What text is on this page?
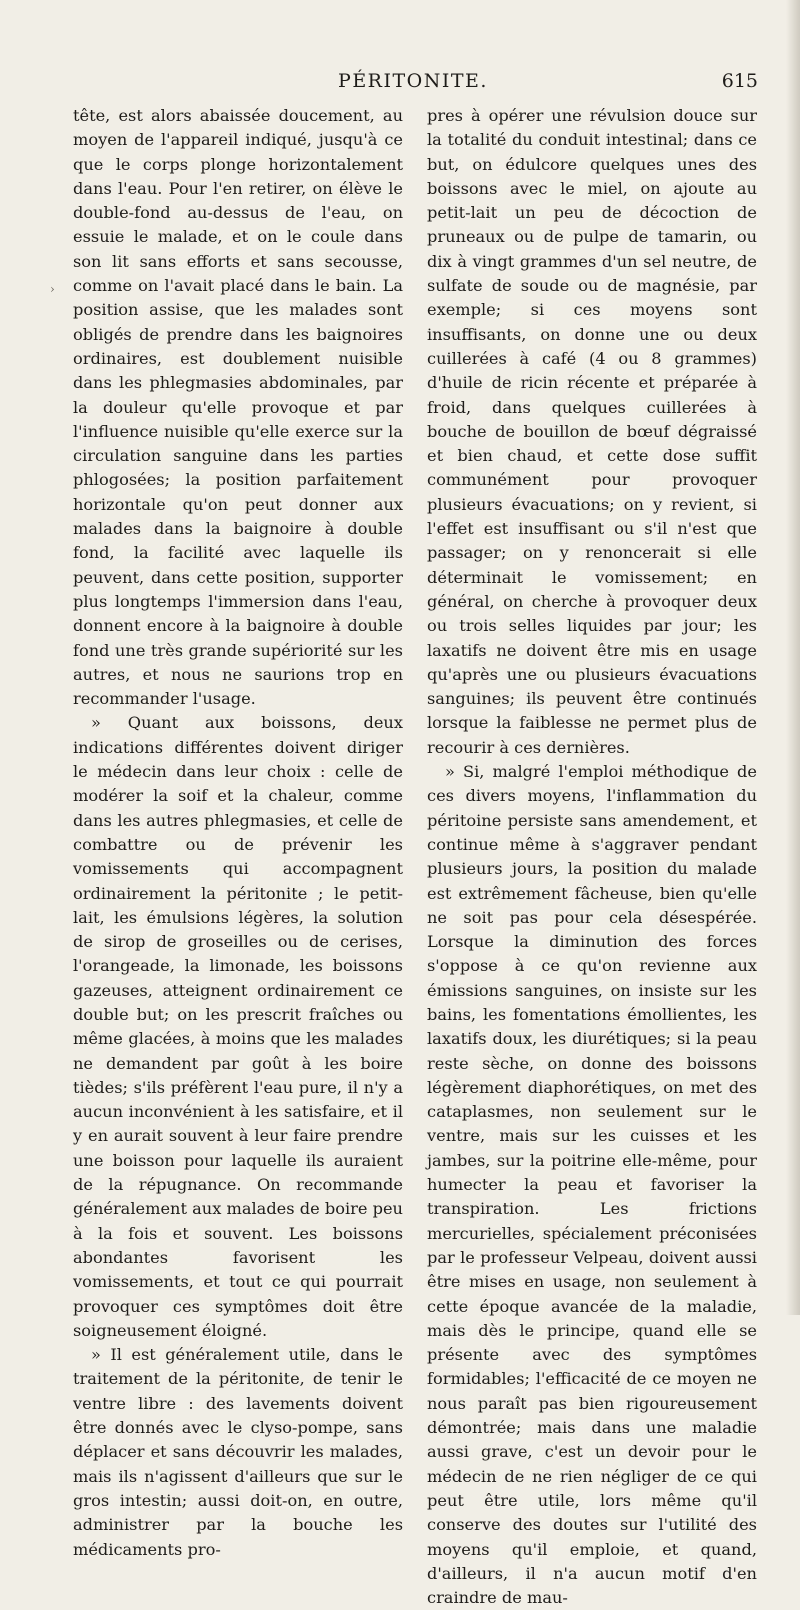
PÉRITONITE.	615
›

tête, est alors abaissée doucement, au moyen de l'appareil indiqué, jusqu'à ce que le corps plonge horizontalement dans l'eau. Pour l'en retirer, on élève le double-fond au-dessus de l'eau, on essuie le malade, et on le coule dans son lit sans efforts et sans secousse, comme on l'avait placé dans le bain. La position assise, que les malades sont obligés de prendre dans les baignoires ordinaires, est doublement nuisible dans les phlegmasies abdominales, par la douleur qu'elle provoque et par l'influence nuisible qu'elle exerce sur la circulation sanguine dans les parties phlogosées; la position parfaitement horizontale qu'on peut donner aux malades dans la baignoire à double fond, la facilité avec laquelle ils peuvent, dans cette position, supporter plus longtemps l'immersion dans l'eau, donnent encore à la baignoire à double fond une très grande supériorité sur les autres, et nous ne saurions trop en recommander l'usage.

» Quant aux boissons, deux indications différentes doivent diriger le médecin dans leur choix : celle de modérer la soif et la chaleur, comme dans les autres phlegmasies, et celle de combattre ou de prévenir les vomissements qui accompagnent ordinairement la péritonite ; le petit-lait, les émulsions légères, la solution de sirop de groseilles ou de cerises, l'orangeade, la limonade, les boissons gazeuses, atteignent ordinairement ce double but; on les prescrit fraîches ou même glacées, à moins que les malades ne demandent par goût à les boire tièdes; s'ils préfèrent l'eau pure, il n'y a aucun inconvénient à les satisfaire, et il y en aurait souvent à leur faire prendre une boisson pour laquelle ils auraient de la répugnance. On recommande généralement aux malades de boire peu à la fois et souvent. Les boissons abondantes favorisent les vomissements, et tout ce qui pourrait provoquer ces symptômes doit être soigneusement éloigné.

» Il est généralement utile, dans le traitement de la péritonite, de tenir le ventre libre : des lavements doivent être donnés avec le clyso-pompe, sans déplacer et sans découvrir les malades, mais ils n'agissent d'ailleurs que sur le gros intestin; aussi doit-on, en outre, administrer par la bouche les médicaments pro-

pres à opérer une révulsion douce sur la totalité du conduit intestinal; dans ce but, on édulcore quelques unes des boissons avec le miel, on ajoute au petit-lait un peu de décoction de pruneaux ou de pulpe de tamarin, ou dix à vingt grammes d'un sel neutre, de sulfate de soude ou de magnésie, par exemple; si ces moyens sont insuffisants, on donne une ou deux cuillerées à café (4 ou 8 grammes) d'huile de ricin récente et préparée à froid, dans quelques cuillerées à bouche de bouillon de bœuf dégraissé et bien chaud, et cette dose suffit communément pour provoquer plusieurs évacuations; on y revient, si l'effet est insuffisant ou s'il n'est que passager; on y renoncerait si elle déterminait le vomissement; en général, on cherche à provoquer deux ou trois selles liquides par jour; les laxatifs ne doivent être mis en usage qu'après une ou plusieurs évacuations sanguines; ils peuvent être continués lorsque la faiblesse ne permet plus de recourir à ces dernières.

» Si, malgré l'emploi méthodique de ces divers moyens, l'inflammation du péritoine persiste sans amendement, et continue même à s'aggraver pendant plusieurs jours, la position du malade est extrêmement fâcheuse, bien qu'elle ne soit pas pour cela désespérée. Lorsque la diminution des forces s'oppose à ce qu'on revienne aux émissions sanguines, on insiste sur les bains, les fomentations émollientes, les laxatifs doux, les diurétiques; si la peau reste sèche, on donne des boissons légèrement diaphorétiques, on met des cataplasmes, non seulement sur le ventre, mais sur les cuisses et les jambes, sur la poitrine elle-même, pour humecter la peau et favoriser la transpiration. Les frictions mercurielles, spécialement préconisées par le professeur Velpeau, doivent aussi être mises en usage, non seulement à cette époque avancée de la maladie, mais dès le principe, quand elle se présente avec des symptômes formidables; l'efficacité de ce moyen ne nous paraît pas bien rigoureusement démontrée; mais dans une maladie aussi grave, c'est un devoir pour le médecin de ne rien négliger de ce qui peut être utile, lors même qu'il conserve des doutes sur l'utilité des moyens qu'il emploie, et quand, d'ailleurs, il n'a aucun motif d'en craindre de mau-
